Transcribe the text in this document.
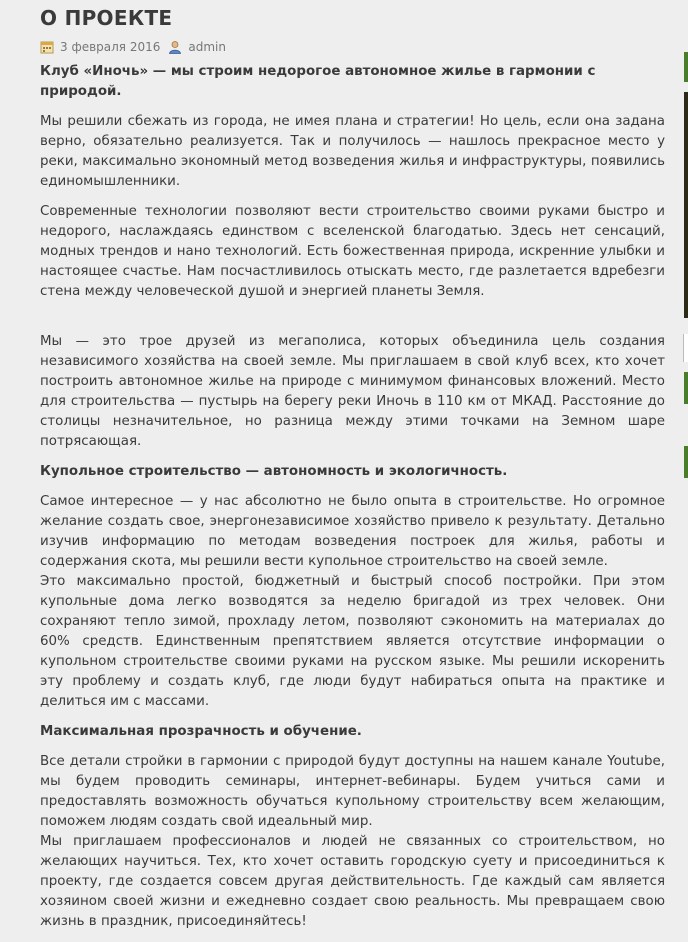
О ПРОЕКТЕ
3 февраля 2016 admin

Клуб «Иночь» — мы строим недорогое автономное жилье в гармонии с природой.

Мы решили сбежать из города, не имея плана и стратегии! Но цель, если она задана верно, обязательно реализуется. Так и получилось — нашлось прекрасное место у реки, максимально экономный метод возведения жилья и инфраструктуры, появились единомышленники.

Современные технологии позволяют вести строительство своими руками быстро и недорого, наслаждаясь единством с вселенской благодатью. Здесь нет сенсаций, модных трендов и нано технологий. Есть божественная природа, искренние улыбки и настоящее счастье. Нам посчастливилось отыскать место, где разлетается вдребезги стена между человеческой душой и энергией планеты Земля.

Мы — это трое друзей из мегаполиса, которых объединила цель создания независимого хозяйства на своей земле. Мы приглашаем в свой клуб всех, кто хочет построить автономное жилье на природе с минимумом финансовых вложений. Место для строительства — пустырь на берегу реки Иночь в 110 км от МКАД. Расстояние до столицы незначительное, но разница между этими точками на Земном шаре потрясающая.

Купольное строительство — автономность и экологичность.

Самое интересное — у нас абсолютно не было опыта в строительстве. Но огромное желание создать свое, энергонезависимое хозяйство привело к результату. Детально изучив информацию по методам возведения построек для жилья, работы и содержания скота, мы решили вести купольное строительство на своей земле.

Это максимально простой, бюджетный и быстрый способ постройки. При этом купольные дома легко возводятся за неделю бригадой из трех человек. Они сохраняют тепло зимой, прохладу летом, позволяют сэкономить на материалах до 60% средств. Единственным препятствием является отсутствие информации о купольном строительстве своими руками на русском языке. Мы решили искоренить эту проблему и создать клуб, где люди будут набираться опыта на практике и делиться им с массами.

Максимальная прозрачность и обучение.

Все детали стройки в гармонии с природой будут доступны на нашем канале Youtube, мы будем проводить семинары, интернет-вебинары. Будем учиться сами и предоставлять возможность обучаться купольному строительству всем желающим, поможем людям создать свой идеальный мир.

Мы приглашаем профессионалов и людей не связанных со строительством, но желающих научиться. Тех, кто хочет оставить городскую суету и присоединиться к проекту, где создается совсем другая действительность. Где каждый сам является хозяином своей жизни и ежедневно создает свою реальность. Мы превращаем свою жизнь в праздник, присоединяйтесь!
